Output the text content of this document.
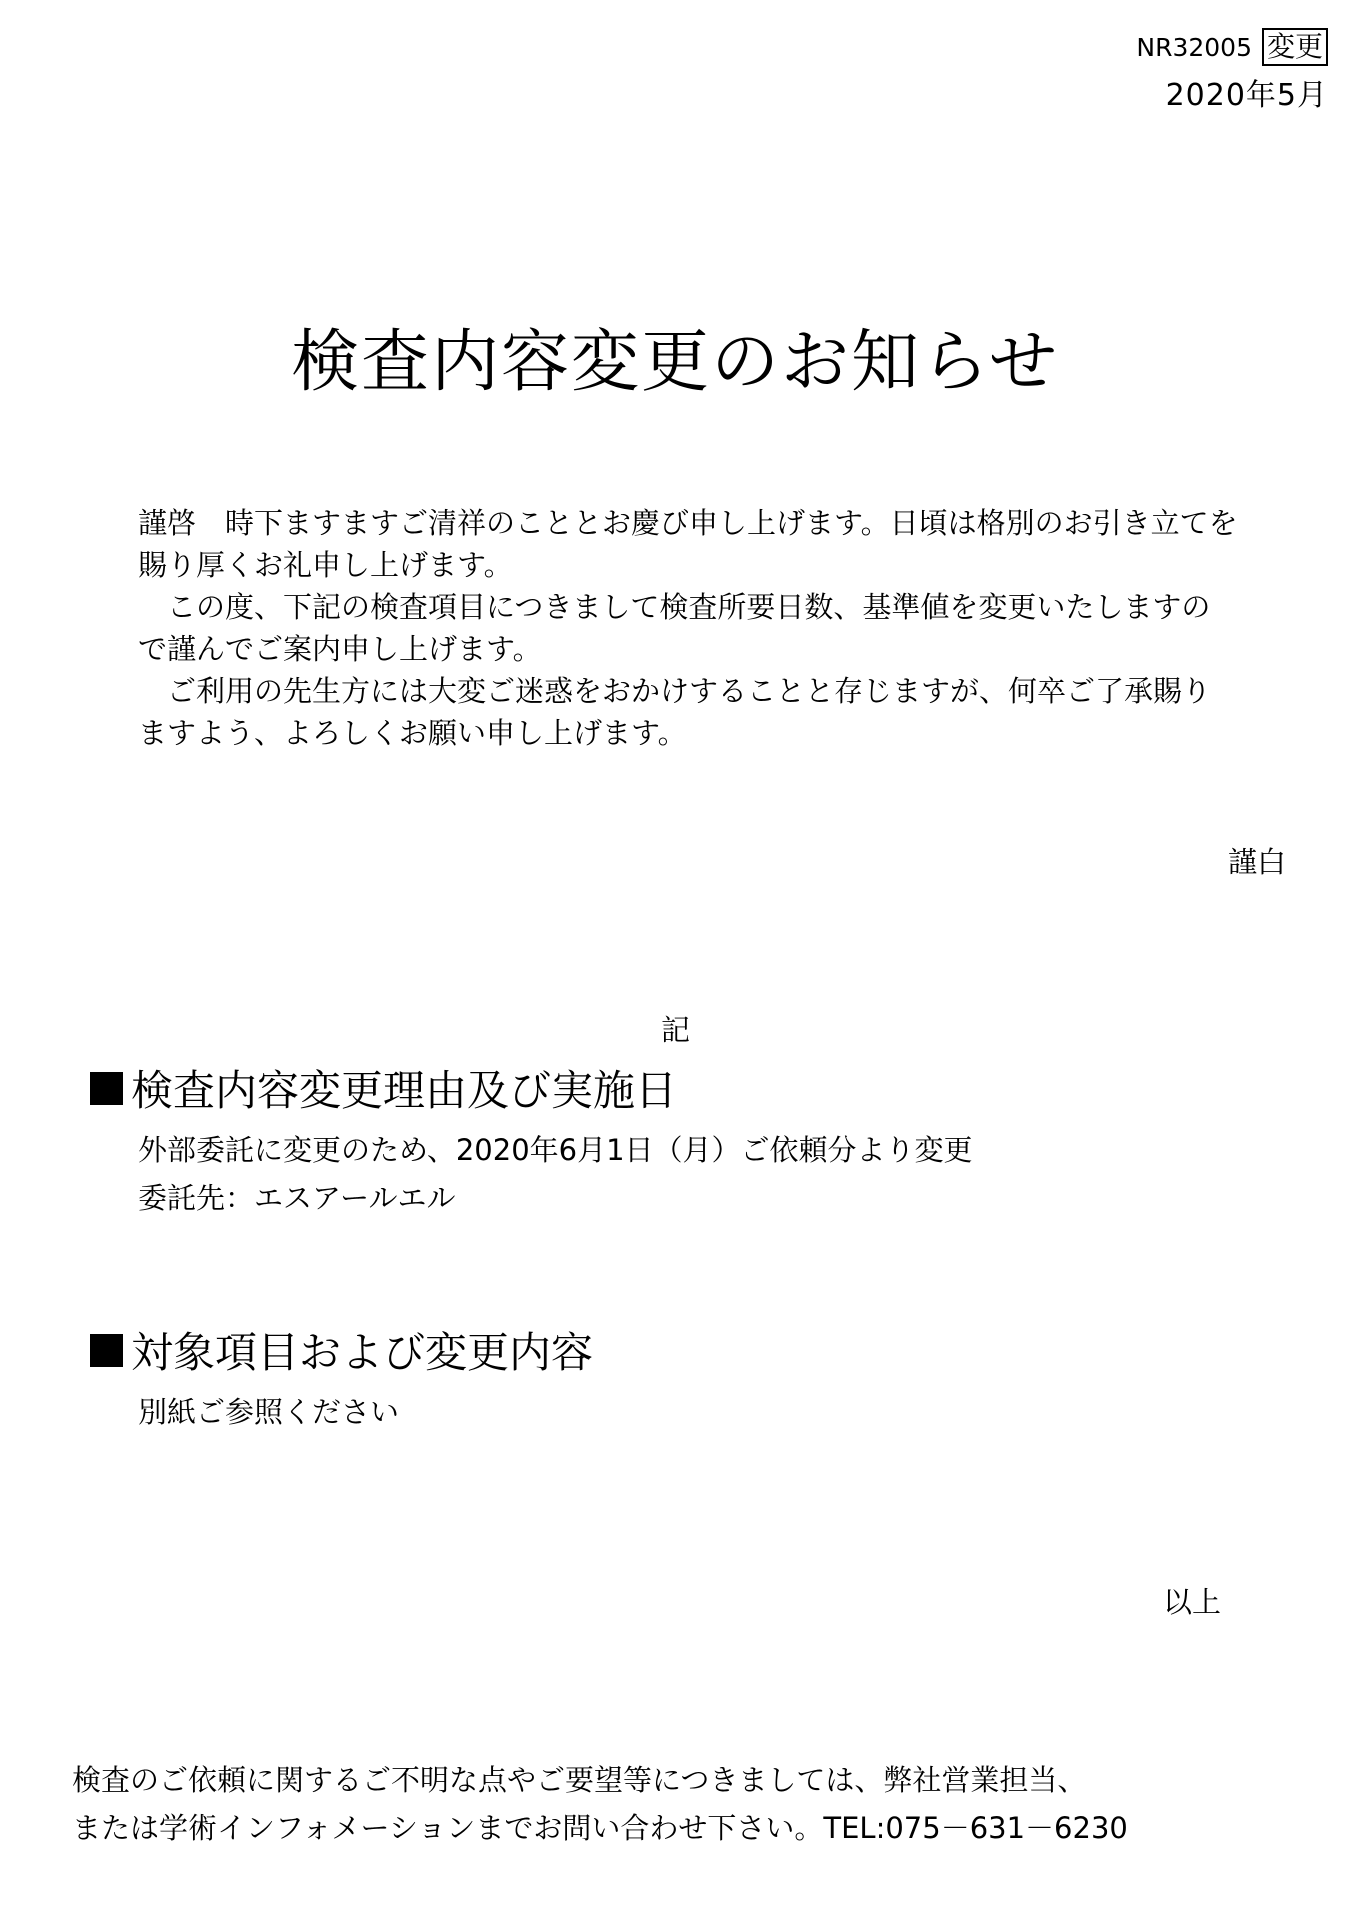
NR32005 変更
2020年5月
検査内容変更のお知らせ

謹啓　時下ますますご清祥のこととお慶び申し上げます。日頃は格別のお引き立てを

賜り厚くお礼申し上げます。

この度、下記の検査項目につきまして検査所要日数、基準値を変更いたしますの

で謹んでご案内申し上げます。

ご利用の先生方には大変ご迷惑をおかけすることと存じますが、何卒ご了承賜り

ますよう、よろしくお願い申し上げます。

謹白
記
検査内容変更理由及び実施日
外部委託に変更のため、2020年6月1日（月）ご依頼分より変更
委託先：エスアールエル
対象項目および変更内容
別紙ご参照ください
以上
検査のご依頼に関するご不明な点やご要望等につきましては、弊社営業担当、
または学術インフォメーションまでお問い合わせ下さい。TEL:075－631－6230
